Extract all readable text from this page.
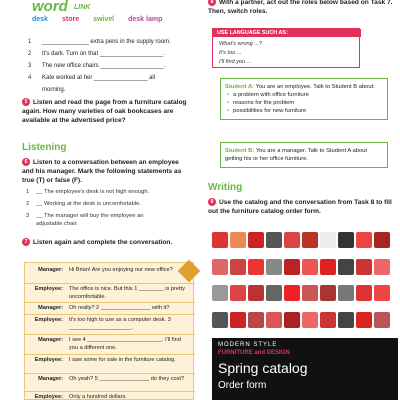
word LINK
desk store swivel desk lamp
1 ______________ extra pens in the supply room.
2 It's dark. Turn on that ___________________.
3 The new office chairs ___________________.
4 Kate worked at her ________________ all
morning.
5 Listen and read the page from a furniture catalog again. How many varieties of oak bookcases are available at the advertised price?
Listening
6 Listen to a conversation between an employee and his manager. Mark the following statements as true (T) or false (F).
1 __ The employee's desk is not high enough.
2 __ Working at the desk is uncomfortable.
3 __ The manager will buy the employee an
adjustable chair.
7 Listen again and complete the conversation.
Manager: Hi Brian! Are you enjoying our new office?
Employee: The office is nice. But this 1 ________ is pretty uncomfortable.
Manager: Oh really? 2 ________________ with it?
Employee: It's too high to use as a computer desk. 3 ____________________.
Manager: I see 4 ________________________. I'll find you a different one.
Employee: I saw some for sale in the furniture catalog.
Manager: Oh yeah? 5 ________________ do they cost?
Employee: Only a hundred dollars.
8 With a partner, act out the roles below based on Task 7. Then, switch roles.
USE LANGUAGE SUCH AS:
What's wrong ...?
It's too ...
I'll find you ...
Student A: You are an employee. Talk to Student B about:
• a problem with office furniture
• reasons for the problem
• possibilities for new furniture
Student B: You are a manager. Talk to Student A about getting his or her office furniture.
Writing
9 Use the catalog and the conversation from Task 8 to fill out the furniture catalog order form.
MODERN STYLE
FURNITURE and DESIGN
Spring catalog
Order form
